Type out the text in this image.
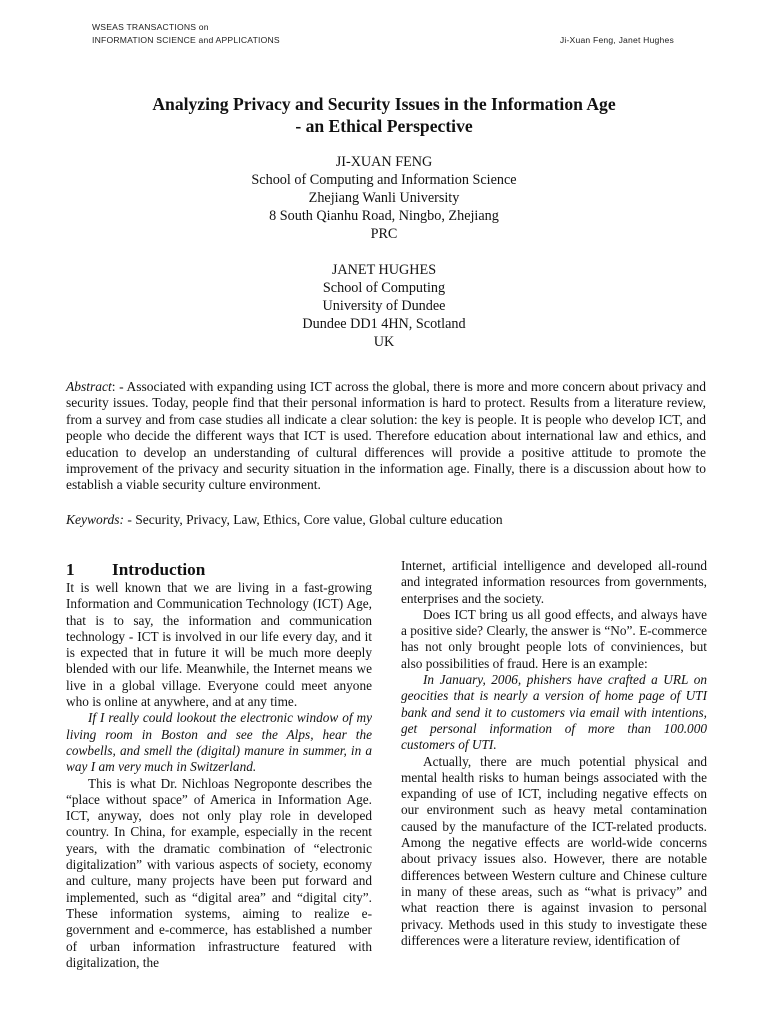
WSEAS TRANSACTIONS on
INFORMATION SCIENCE and APPLICATIONS	Ji-Xuan Feng, Janet Hughes
Analyzing Privacy and Security Issues in the Information Age
- an Ethical Perspective
JI-XUAN FENG
School of Computing and Information Science
Zhejiang Wanli University
8 South Qianhu Road, Ningbo, Zhejiang
PRC
JANET HUGHES
School of Computing
University of Dundee
Dundee DD1 4HN, Scotland
UK
Abstract: - Associated with expanding using ICT across the global, there is more and more concern about privacy and security issues. Today, people find that their personal information is hard to protect. Results from a literature review, from a survey and from case studies all indicate a clear solution: the key is people. It is people who develop ICT, and people who decide the different ways that ICT is used. Therefore education about international law and ethics, and education to develop an understanding of cultural differences will provide a positive attitude to promote the improvement of the privacy and security situation in the information age. Finally, there is a discussion about how to establish a viable security culture environment.
Keywords: - Security, Privacy, Law, Ethics, Core value, Global culture education
1 Introduction

It is well known that we are living in a fast-growing Information and Communication Technology (ICT) Age, that is to say, the information and communication technology - ICT is involved in our life every day, and it is expected that in future it will be much more deeply blended with our life. Meanwhile, the Internet means we live in a global village. Everyone could meet anyone who is online at anywhere, and at any time.

If I really could lookout the electronic window of my living room in Boston and see the Alps, hear the cowbells, and smell the (digital) manure in summer, in a way I am very much in Switzerland.

This is what Dr. Nichloas Negroponte describes the “place without space” of America in Information Age. ICT, anyway, does not only play role in developed country. In China, for example, especially in the recent years, with the dramatic combination of “electronic digitalization” with various aspects of society, economy and culture, many projects have been put forward and implemented, such as “digital area” and “digital city”. These information systems, aiming to realize e-government and e-commerce, has established a number of urban information infrastructure featured with digitalization, the

Internet, artificial intelligence and developed all-round and integrated information resources from governments, enterprises and the society.

Does ICT bring us all good effects, and always have a positive side? Clearly, the answer is “No”. E-commerce has not only brought people lots of conviniences, but also possibilities of fraud. Here is an example:

In January, 2006, phishers have crafted a URL on geocities that is nearly a version of home page of UTI bank and send it to customers via email with intentions, get personal information of more than 100.000 customers of UTI.

Actually, there are much potential physical and mental health risks to human beings associated with the expanding of use of ICT, including negative effects on our environment such as heavy metal contamination caused by the manufacture of the ICT-related products. Among the negative effects are world-wide concerns about privacy issues also. However, there are notable differences between Western culture and Chinese culture in many of these areas, such as “what is privacy” and what reaction there is against invasion to personal privacy. Methods used in this study to investigate these differences were a literature review, identification of
